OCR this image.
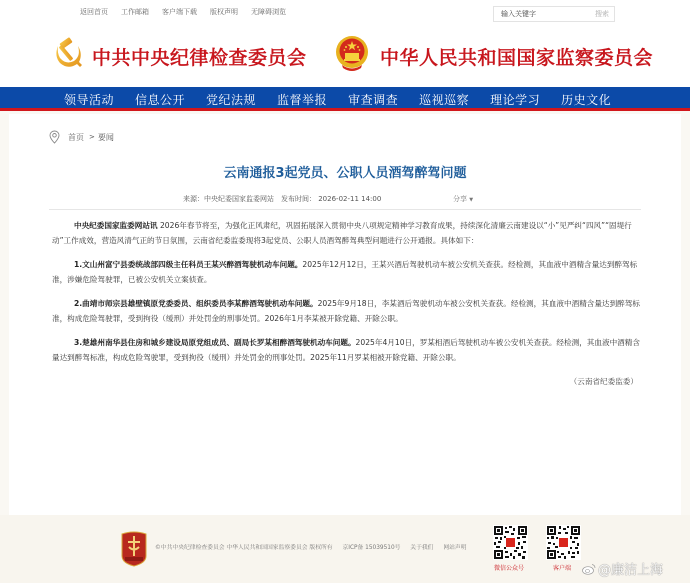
返回首页 工作邮箱 客户端下载 版权声明 无障碍浏览
输入关键字	搜索
中共中央纪律检查委员会	中华人民共和国国家监察委员会
领导活动 信息公开 党纪法规 监督举报 审查调查 巡视巡察 理论学习 历史文化
首页 > 要闻
云南通报3起党员、公职人员酒驾醉驾问题
来源：中央纪委国家监委网站 发布时间： 2026-02-11 14:00	分享 ▼

中央纪委国家监委网站讯 2026年春节将至，为强化正风肃纪，巩固拓展深入贯彻中央八项规定精神学习教育成果，持续深化清廉云南建设以“小”见严纠“四风”“固堤行动”工作成效，营造风清气正的节日氛围，云南省纪委监委现将3起党员、公职人员酒驾醉驾典型问题进行公开通报。具体如下：

1.文山州富宁县委统战部四级主任科员王某兴醉酒驾驶机动车问题。2025年12月12日，王某兴酒后驾驶机动车被公安机关查获。经检测，其血液中酒精含量达到醉驾标准，涉嫌危险驾驶罪，已被公安机关立案侦查。

2.曲靖市师宗县雄壁镇原党委委员、组织委员李某醉酒驾驶机动车问题。2025年9月18日，李某酒后驾驶机动车被公安机关查获。经检测，其血液中酒精含量达到醉驾标准，构成危险驾驶罪，受到拘役（缓刑）并处罚金的刑事处罚。2026年1月李某被开除党籍、开除公职。

3.楚雄州南华县住房和城乡建设局原党组成员、副局长罗某相醉酒驾驶机动车问题。2025年4月10日，罗某相酒后驾驶机动车被公安机关查获。经检测，其血液中酒精含量达到醉驾标准，构成危险驾驶罪，受到拘役（缓刑）并处罚金的刑事处罚。2025年11月罗某相被开除党籍、开除公职。

（云南省纪委监委）

©中共中央纪律检查委员会 中华人民共和国国家监察委员会 版权所有 京ICP备 15039510号 关于我们 网站声明
微信公众号	客户端 @廉洁上海
